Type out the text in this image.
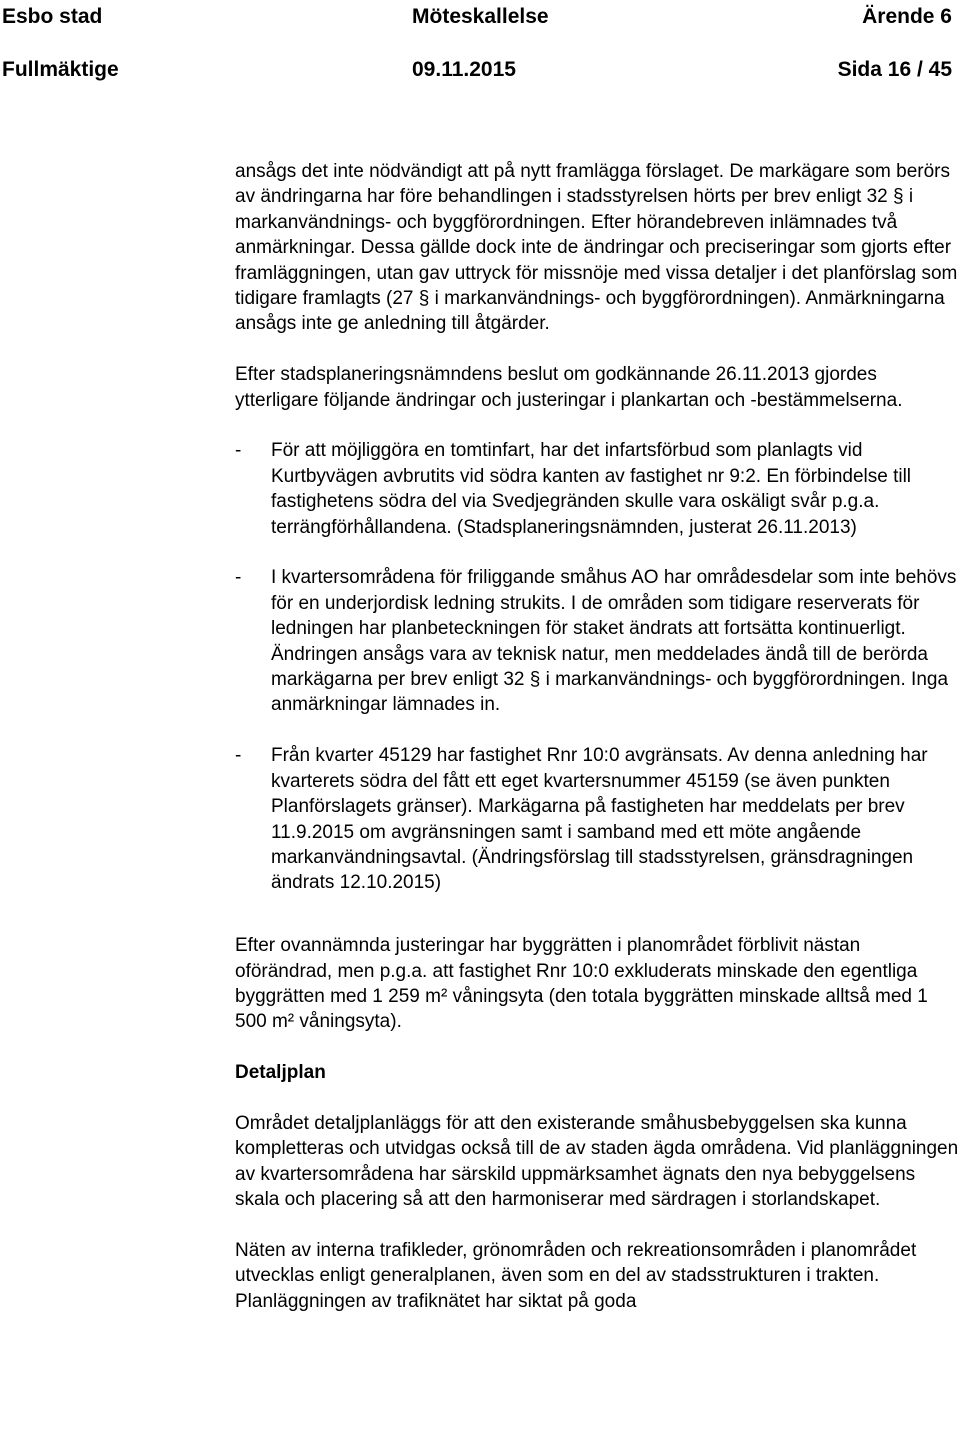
Esbo stad	Möteskallelse	Ärende 6
Fullmäktige	09.11.2015	Sida 16 / 45

ansågs det inte nödvändigt att på nytt framlägga förslaget. De markägare som berörs av ändringarna har före behandlingen i stadsstyrelsen hörts per brev enligt 32 § i markanvändnings- och byggförordningen. Efter hörandebreven inlämnades två anmärkningar. Dessa gällde dock inte de ändringar och preciseringar som gjorts efter framläggningen, utan gav uttryck för missnöje med vissa detaljer i det planförslag som tidigare framlagts (27 § i markanvändnings- och byggförordningen). Anmärkningarna ansågs inte ge anledning till åtgärder.

Efter stadsplaneringsnämndens beslut om godkännande 26.11.2013 gjordes ytterligare följande ändringar och justeringar i plankartan och -bestämmelserna.

- För att möjliggöra en tomtinfart, har det infartsförbud som planlagts vid Kurtbyvägen avbrutits vid södra kanten av fastighet nr 9:2. En förbindelse till fastighetens södra del via Svedjegränden skulle vara oskäligt svår p.g.a. terrängförhållandena. (Stadsplaneringsnämnden, justerat 26.11.2013)
- I kvartersområdena för friliggande småhus AO har områdesdelar som inte behövs för en underjordisk ledning strukits. I de områden som tidigare reserverats för ledningen har planbeteckningen för staket ändrats att fortsätta kontinuerligt. Ändringen ansågs vara av teknisk natur, men meddelades ändå till de berörda markägarna per brev enligt 32 § i markanvändnings- och byggförordningen. Inga anmärkningar lämnades in.
- Från kvarter 45129 har fastighet Rnr 10:0 avgränsats. Av denna anledning har kvarterets södra del fått ett eget kvartersnummer 45159 (se även punkten Planförslagets gränser). Markägarna på fastigheten har meddelats per brev 11.9.2015 om avgränsningen samt i samband med ett möte angående markanvändningsavtal. (Ändringsförslag till stadsstyrelsen, gränsdragningen ändrats 12.10.2015)

Efter ovannämnda justeringar har byggrätten i planområdet förblivit nästan oförändrad, men p.g.a. att fastighet Rnr 10:0 exkluderats minskade den egentliga byggrätten med 1 259 m² våningsyta (den totala byggrätten minskade alltså med 1 500 m² våningsyta).

Detaljplan

Området detaljplanläggs för att den existerande småhusbebyggelsen ska kunna kompletteras och utvidgas också till de av staden ägda områdena. Vid planläggningen av kvartersområdena har särskild uppmärksamhet ägnats den nya bebyggelsens skala och placering så att den harmoniserar med särdragen i storlandskapet.

Näten av interna trafikleder, grönområden och rekreationsområden i planområdet utvecklas enligt generalplanen, även som en del av stadsstrukturen i trakten. Planläggningen av trafiknätet har siktat på goda
